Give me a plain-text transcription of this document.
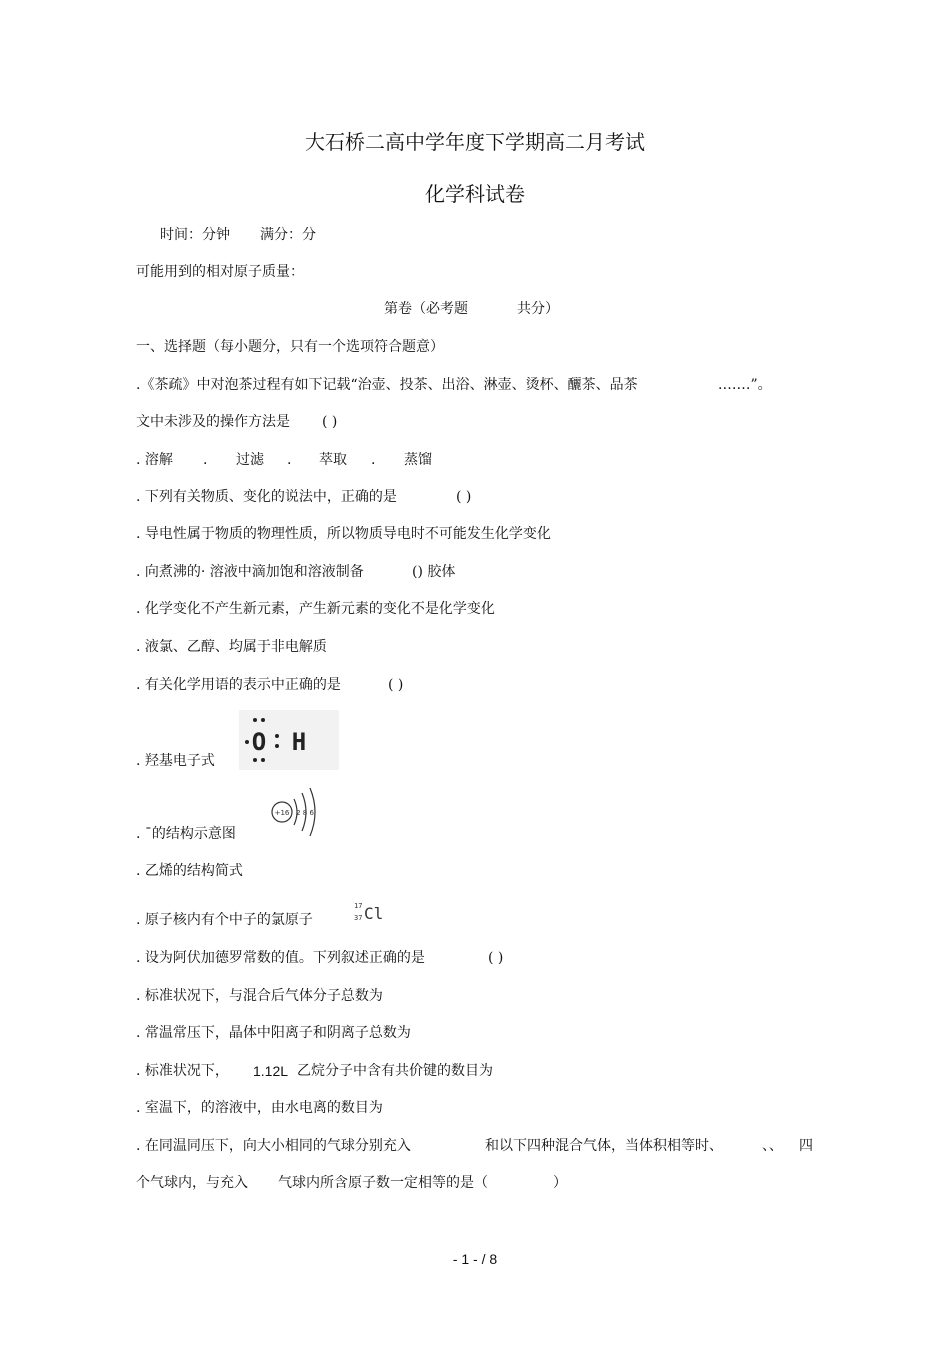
大石桥二高中学年度下学期高二月考试
化学科试卷
时间：分钟 满分：分
可能用到的相对原子质量：
第卷（必考题	共分）
一、选择题（每小题分，只有一个选项符合题意）
.《茶疏》中对泡茶过程有如下记载“治壶、投茶、出浴、淋壶、烫杯、釃茶、品茶	.……”。
文中未涉及的操作方法是 ( )
. 溶解 . 过滤 . 萃取 . 蒸馏
. 下列有关物质、变化的说法中，正确的是	( )
. 导电性属于物质的物理性质，所以物质导电时不可能发生化学变化
. 向煮沸的· 溶液中滴加饱和溶液制备	() 胶体
. 化学变化不产生新元素，产生新元素的变化不是化学变化
. 液氯、乙醇、均属于非电解质
. 有关化学用语的表示中正确的是	( )
. 羟基电子式
O H
. ¯的结构示意图
+16 2 8 6
. 乙烯的结构简式
. 原子核内有个中子的氯原子
17
37 Cl
. 设为阿伏加德罗常数的值。下列叙述正确的是	( )
. 标准状况下，与混合后气体分子总数为
. 常温常压下，晶体中阳离子和阴离子总数为
. 标准状况下， 1.12L 乙烷分子中含有共价键的数目为
. 室温下，的溶液中，由水电离的数目为
. 在同温同压下，向大小相同的气球分别充入	和以下四种混合气体，当体积相等时、	、、 四
个气球内，与充入 气球内所含原子数一定相等的是（	）
- 1 - / 8
